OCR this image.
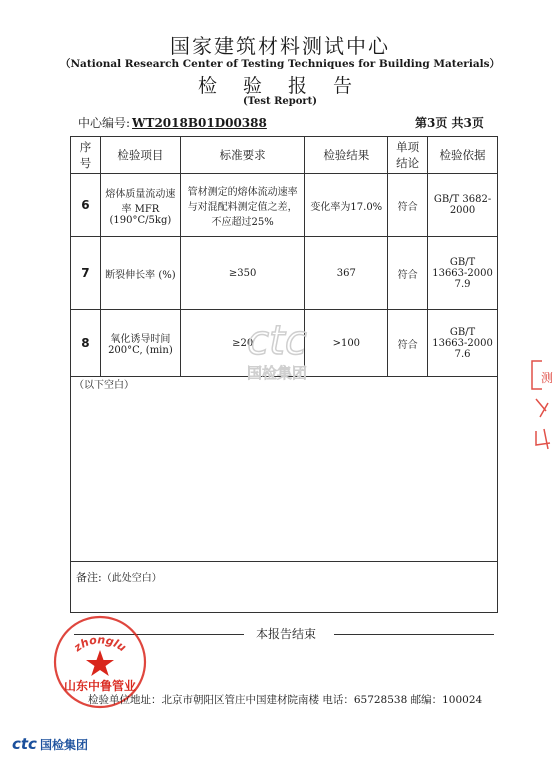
国家建筑材料测试中心
（National Research Center of Testing Techniques for Building Materials）
检 验 报 告
(Test Report)
中心编号: WT2018B01D00388	第3页 共3页
序号	检验项目	标准要求	检验结果	单项结论	检验依据
6	熔体质量流动速率 MFR (190°C/5kg)	管材测定的熔体流动速率与对混配料测定值之差，不应超过25%	变化率为17.0%	符合	GB/T 3682-2000
7	断裂伸长率 (%)	≥350	367	符合	GB/T 13663-2000 7.9
8	氧化诱导时间 200°C, (min)	≥20	>100	符合	GB/T 13663-2000 7.6
（以下空白）
ctc
国检集团
备注:（此处空白）
本报告结束
zhonglu
山东中鲁管业
检验单位地址：北京市朝阳区管庄中国建材院南楼 电话：65728538 邮编：100024
ctc 国检集团
测
